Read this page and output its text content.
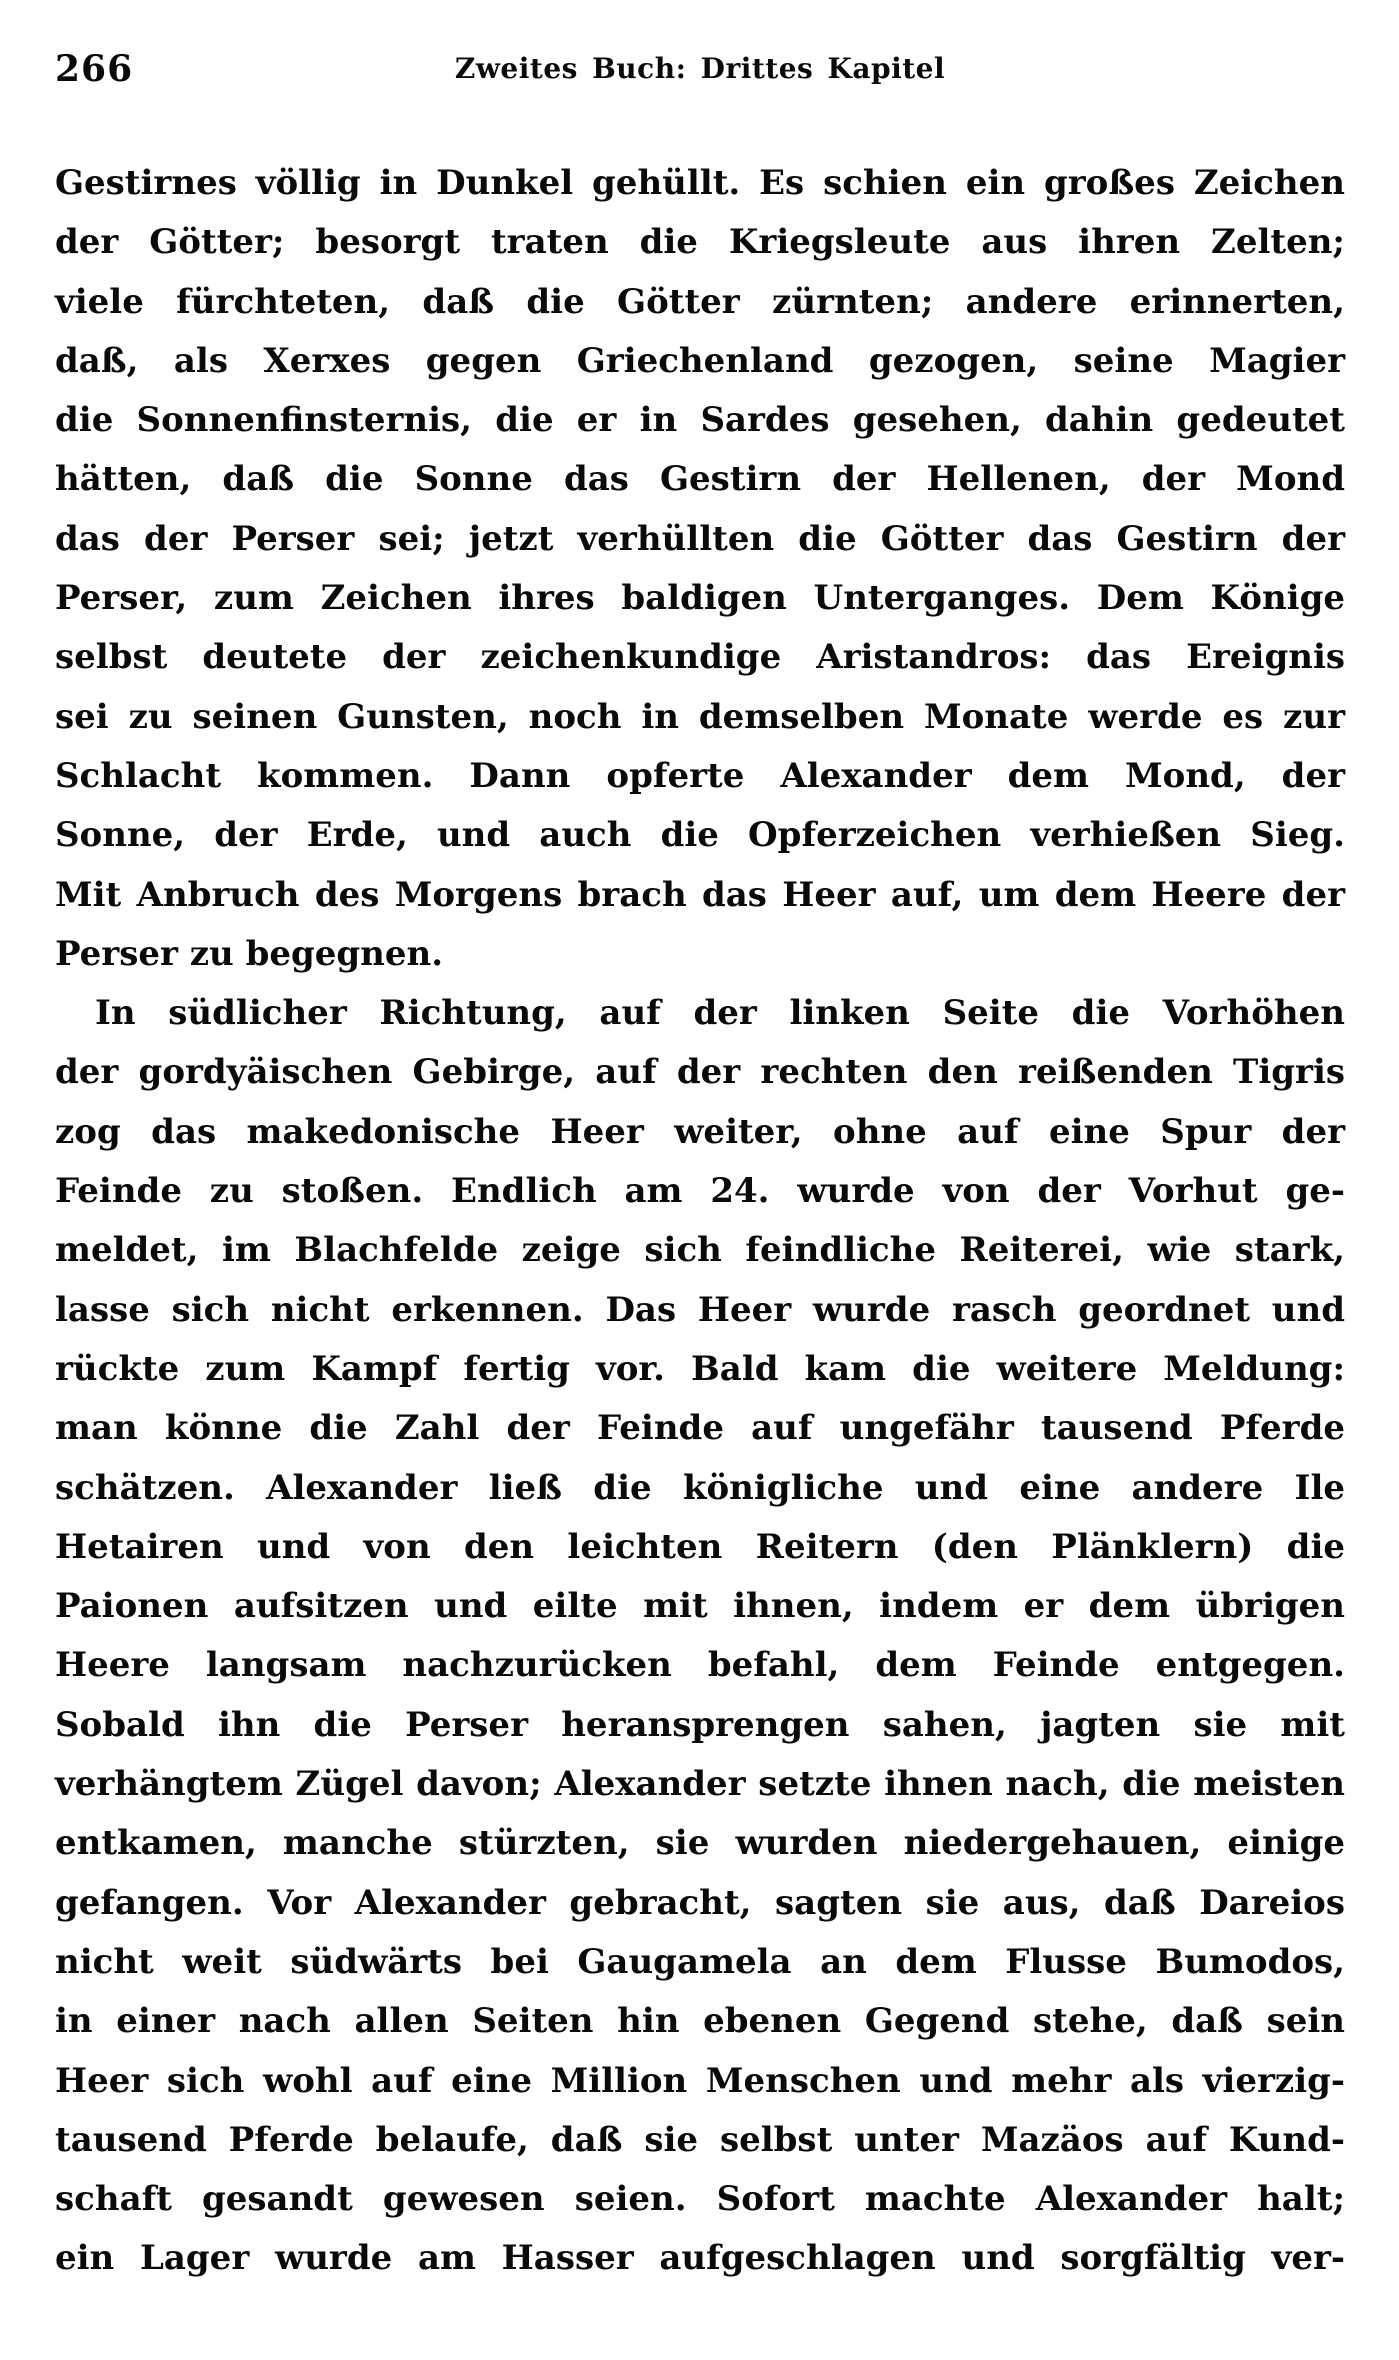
266	Zweites Buch: Drittes Kapitel
Gestirnes völlig in Dunkel gehüllt. Es schien ein großes Zeichen
der Götter; besorgt traten die Kriegsleute aus ihren Zelten;
viele fürchteten, daß die Götter zürnten; andere erinnerten,
daß, als Xerxes gegen Griechenland gezogen, seine Magier
die Sonnenfinsternis, die er in Sardes gesehen, dahin gedeutet
hätten, daß die Sonne das Gestirn der Hellenen, der Mond
das der Perser sei; jetzt verhüllten die Götter das Gestirn der
Perser, zum Zeichen ihres baldigen Unterganges. Dem Könige
selbst deutete der zeichenkundige Aristandros: das Ereignis
sei zu seinen Gunsten, noch in demselben Monate werde es zur
Schlacht kommen. Dann opferte Alexander dem Mond, der
Sonne, der Erde, und auch die Opferzeichen verhießen Sieg.
Mit Anbruch des Morgens brach das Heer auf, um dem Heere der
Perser zu begegnen.
In südlicher Richtung, auf der linken Seite die Vorhöhen
der gordyäischen Gebirge, auf der rechten den reißenden Tigris
zog das makedonische Heer weiter, ohne auf eine Spur der
Feinde zu stoßen. Endlich am 24. wurde von der Vorhut ge-
meldet, im Blachfelde zeige sich feindliche Reiterei, wie stark,
lasse sich nicht erkennen. Das Heer wurde rasch geordnet und
rückte zum Kampf fertig vor. Bald kam die weitere Meldung:
man könne die Zahl der Feinde auf ungefähr tausend Pferde
schätzen. Alexander ließ die königliche und eine andere Ile
Hetairen und von den leichten Reitern (den Plänklern) die
Paionen aufsitzen und eilte mit ihnen, indem er dem übrigen
Heere langsam nachzurücken befahl, dem Feinde entgegen.
Sobald ihn die Perser heransprengen sahen, jagten sie mit
verhängtem Zügel davon; Alexander setzte ihnen nach, die meisten
entkamen, manche stürzten, sie wurden niedergehauen, einige
gefangen. Vor Alexander gebracht, sagten sie aus, daß Dareios
nicht weit südwärts bei Gaugamela an dem Flusse Bumodos,
in einer nach allen Seiten hin ebenen Gegend stehe, daß sein
Heer sich wohl auf eine Million Menschen und mehr als vierzig-
tausend Pferde belaufe, daß sie selbst unter Mazäos auf Kund-
schaft gesandt gewesen seien. Sofort machte Alexander halt;
ein Lager wurde am Hasser aufgeschlagen und sorgfältig ver-
